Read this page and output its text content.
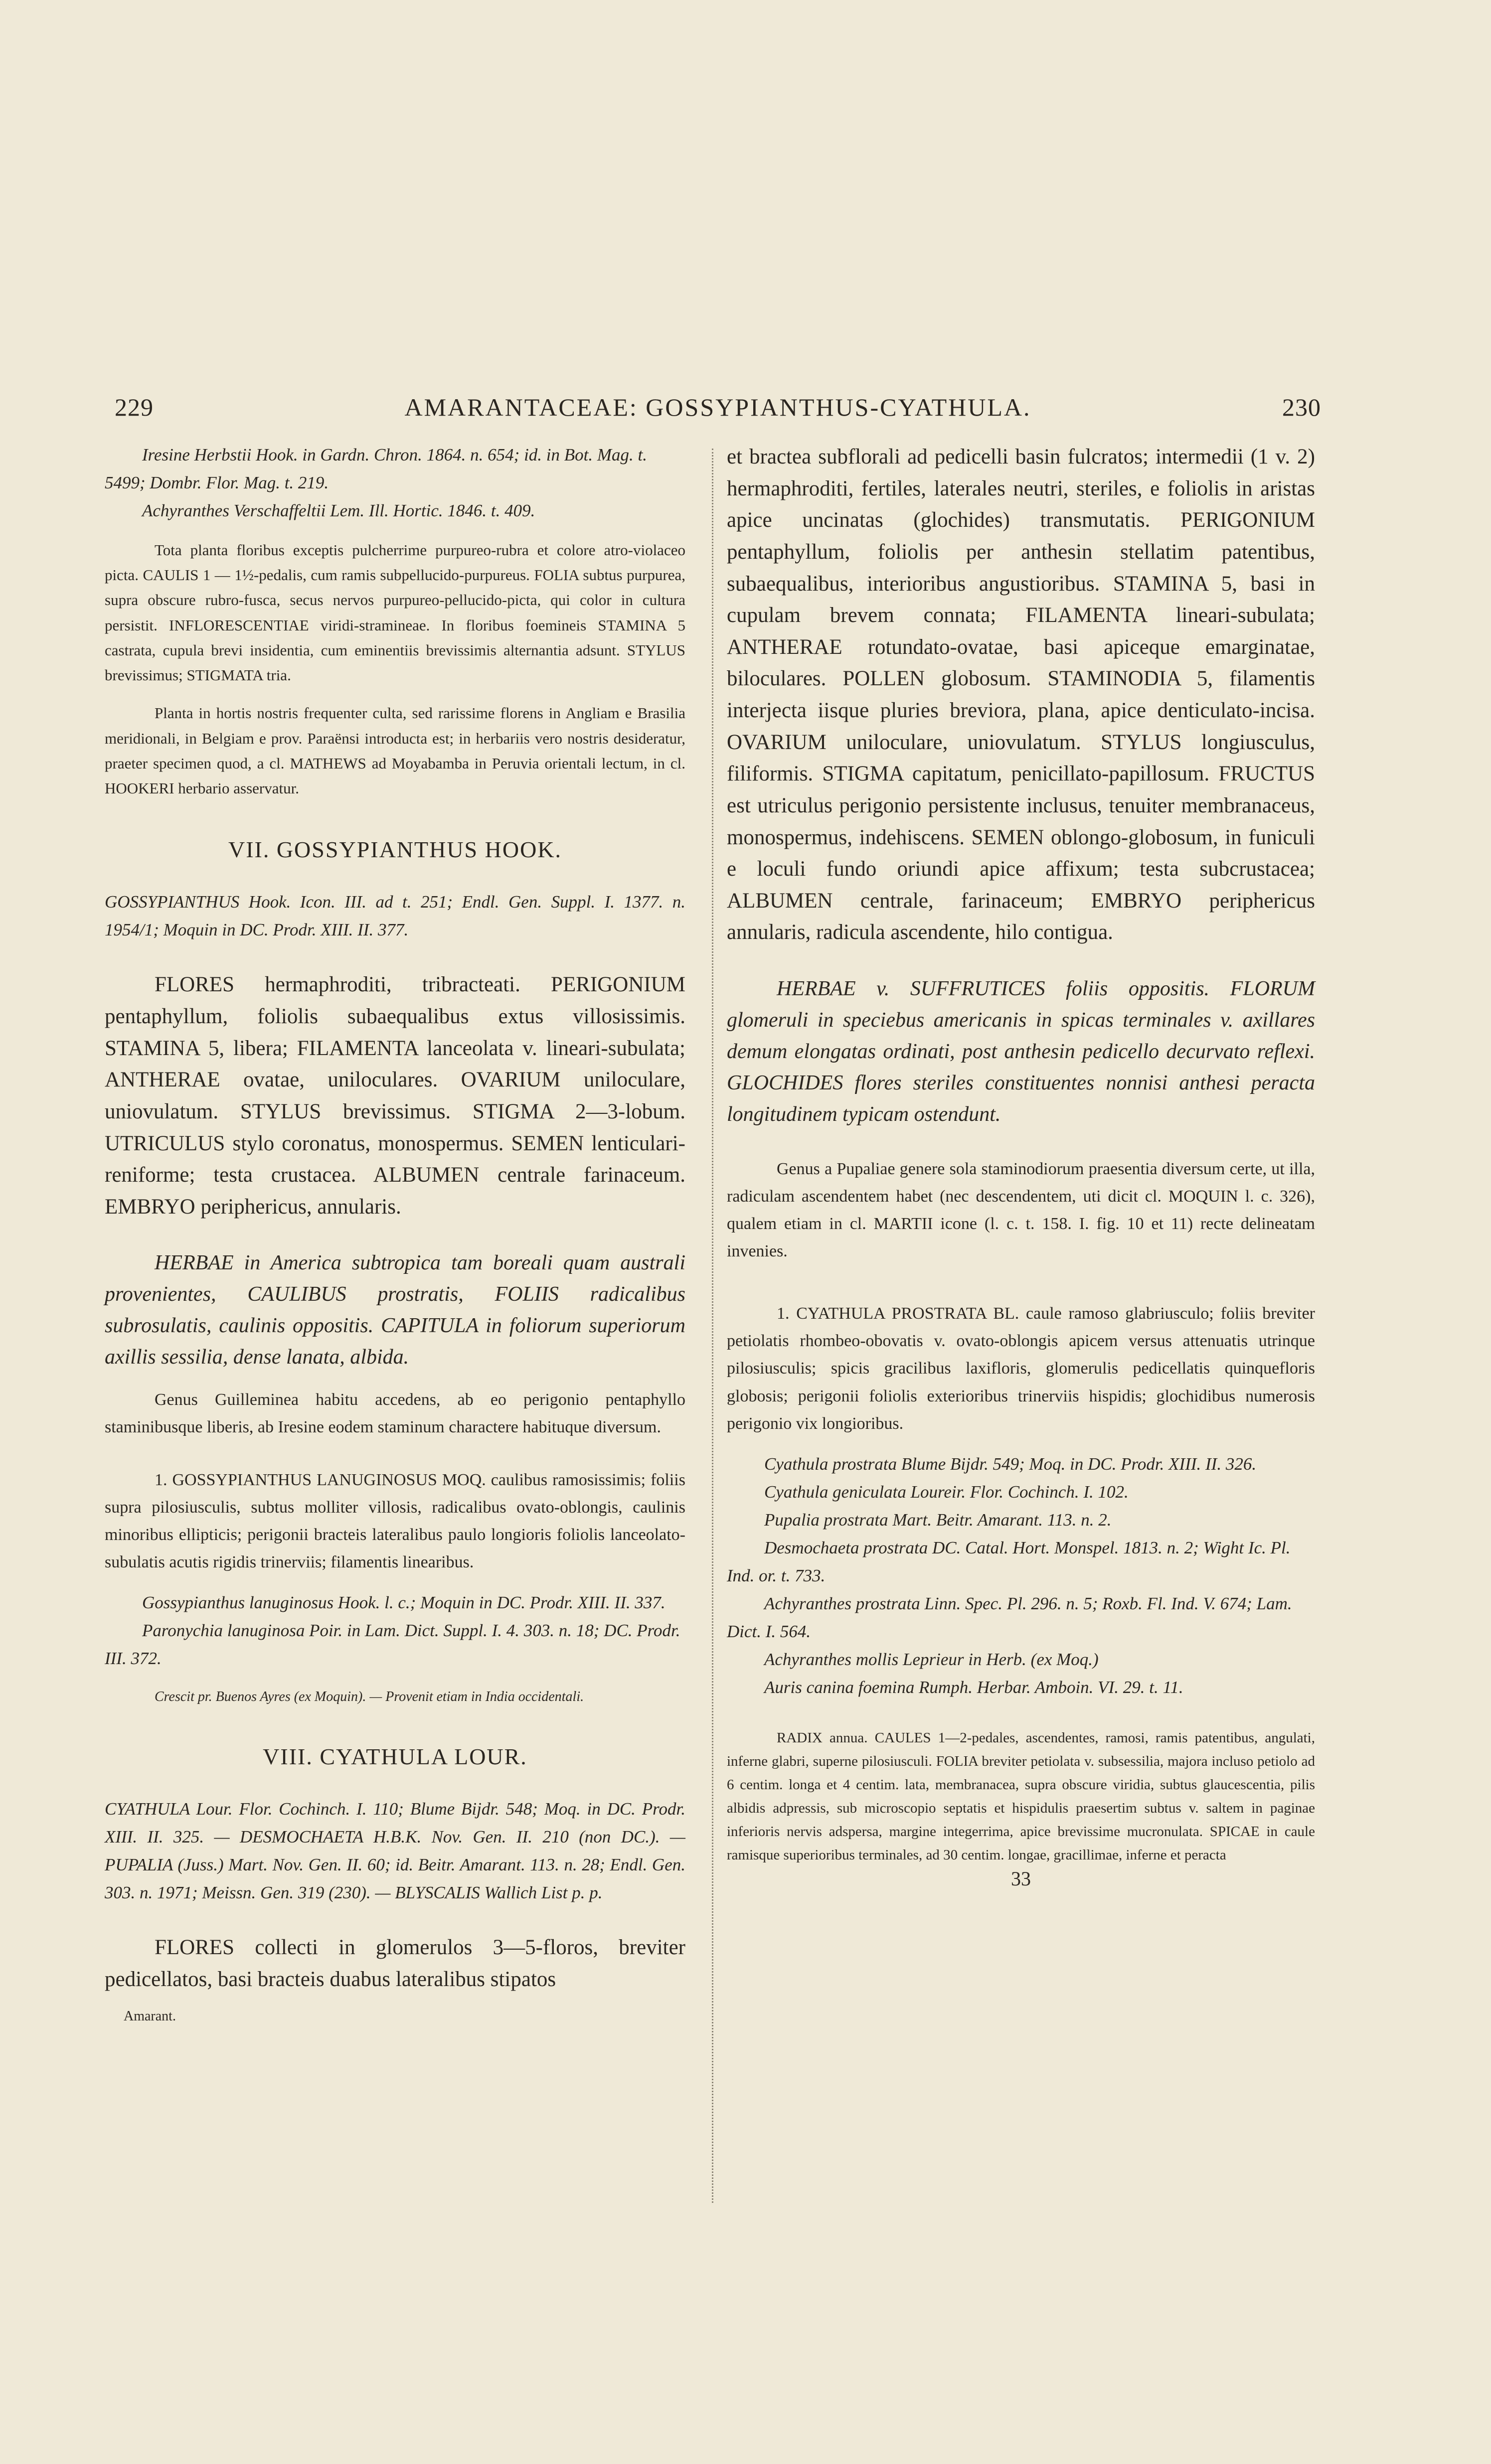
229	AMARANTACEAE: GOSSYPIANTHUS-CYATHULA.	230

Iresine Herbstii Hook. in Gardn. Chron. 1864. n. 654; id. in Bot. Mag. t. 5499; Dombr. Flor. Mag. t. 219.

Achyranthes Verschaffeltii Lem. Ill. Hortic. 1846. t. 409.

Tota planta floribus exceptis pulcherrime purpureo-rubra et colore atro-violaceo picta. CAULIS 1 — 1½-pedalis, cum ramis subpellucido-purpureus. FOLIA subtus purpurea, supra obscure rubro-fusca, secus nervos purpureo-pellucido-picta, qui color in cultura persistit. INFLORESCENTIAE viridi-stramineae. In floribus foemineis STAMINA 5 castrata, cupula brevi insidentia, cum eminentiis brevissimis alternantia adsunt. STYLUS brevissimus; STIGMATA tria.

Planta in hortis nostris frequenter culta, sed rarissime florens in Angliam e Brasilia meridionali, in Belgiam e prov. Paraënsi introducta est; in herbariis vero nostris desideratur, praeter specimen quod, a cl. MATHEWS ad Moyabamba in Peruvia orientali lectum, in cl. HOOKERI herbario asservatur.

VII. GOSSYPIANTHUS HOOK.

GOSSYPIANTHUS Hook. Icon. III. ad t. 251; Endl. Gen. Suppl. I. 1377. n. 1954/1; Moquin in DC. Prodr. XIII. II. 377.

FLORES hermaphroditi, tribracteati. PERIGONIUM pentaphyllum, foliolis subaequalibus extus villosissimis. STAMINA 5, libera; FILAMENTA lanceolata v. lineari-subulata; ANTHERAE ovatae, uniloculares. OVARIUM uniloculare, uniovulatum. STYLUS brevissimus. STIGMA 2—3-lobum. UTRICULUS stylo coronatus, monospermus. SEMEN lenticulari-reniforme; testa crustacea. ALBUMEN centrale farinaceum. EMBRYO periphericus, annularis.

HERBAE in America subtropica tam boreali quam australi provenientes, CAULIBUS prostratis, FOLIIS radicalibus subrosulatis, caulinis oppositis. CAPITULA in foliorum superiorum axillis sessilia, dense lanata, albida.

Genus Guilleminea habitu accedens, ab eo perigonio pentaphyllo staminibusque liberis, ab Iresine eodem staminum charactere habituque diversum.

1. GOSSYPIANTHUS LANUGINOSUS MOQ. caulibus ramosissimis; foliis supra pilosiusculis, subtus molliter villosis, radicalibus ovato-oblongis, caulinis minoribus ellipticis; perigonii bracteis lateralibus paulo longioris foliolis lanceolato-subulatis acutis rigidis trinerviis; filamentis linearibus.

Gossypianthus lanuginosus Hook. l. c.; Moquin in DC. Prodr. XIII. II. 337.

Paronychia lanuginosa Poir. in Lam. Dict. Suppl. I. 4. 303. n. 18; DC. Prodr. III. 372.

Crescit pr. Buenos Ayres (ex Moquin). — Provenit etiam in India occidentali.

VIII. CYATHULA LOUR.

CYATHULA Lour. Flor. Cochinch. I. 110; Blume Bijdr. 548; Moq. in DC. Prodr. XIII. II. 325. — DESMOCHAETA H.B.K. Nov. Gen. II. 210 (non DC.). — PUPALIA (Juss.) Mart. Nov. Gen. II. 60; id. Beitr. Amarant. 113. n. 28; Endl. Gen. 303. n. 1971; Meissn. Gen. 319 (230). — BLYSCALIS Wallich List p. p.

FLORES collecti in glomerulos 3—5-floros, breviter pedicellatos, basi bracteis duabus lateralibus stipatos

Amarant.

et bractea subflorali ad pedicelli basin fulcratos; intermedii (1 v. 2) hermaphroditi, fertiles, laterales neutri, steriles, e foliolis in aristas apice uncinatas (glochides) transmutatis. PERIGONIUM pentaphyllum, foliolis per anthesin stellatim patentibus, subaequalibus, interioribus angustioribus. STAMINA 5, basi in cupulam brevem connata; FILAMENTA lineari-subulata; ANTHERAE rotundato-ovatae, basi apiceque emarginatae, biloculares. POLLEN globosum. STAMINODIA 5, filamentis interjecta iisque pluries breviora, plana, apice denticulato-incisa. OVARIUM uniloculare, uniovulatum. STYLUS longiusculus, filiformis. STIGMA capitatum, penicillato-papillosum. FRUCTUS est utriculus perigonio persistente inclusus, tenuiter membranaceus, monospermus, indehiscens. SEMEN oblongo-globosum, in funiculi e loculi fundo oriundi apice affixum; testa subcrustacea; ALBUMEN centrale, farinaceum; EMBRYO periphericus annularis, radicula ascendente, hilo contigua.

HERBAE v. SUFFRUTICES foliis oppositis. FLORUM glomeruli in speciebus americanis in spicas terminales v. axillares demum elongatas ordinati, post anthesin pedicello decurvato reflexi. GLOCHIDES flores steriles constituentes nonnisi anthesi peracta longitudinem typicam ostendunt.

Genus a Pupaliae genere sola staminodiorum praesentia diversum certe, ut illa, radiculam ascendentem habet (nec descendentem, uti dicit cl. MOQUIN l. c. 326), qualem etiam in cl. MARTII icone (l. c. t. 158. I. fig. 10 et 11) recte delineatam invenies.

1. CYATHULA PROSTRATA BL. caule ramoso glabriusculo; foliis breviter petiolatis rhombeo-obovatis v. ovato-oblongis apicem versus attenuatis utrinque pilosiusculis; spicis gracilibus laxifloris, glomerulis pedicellatis quinquefloris globosis; perigonii foliolis exterioribus trinerviis hispidis; glochidibus numerosis perigonio vix longioribus.

Cyathula prostrata Blume Bijdr. 549; Moq. in DC. Prodr. XIII. II. 326.

Cyathula geniculata Loureir. Flor. Cochinch. I. 102.

Pupalia prostrata Mart. Beitr. Amarant. 113. n. 2.

Desmochaeta prostrata DC. Catal. Hort. Monspel. 1813. n. 2; Wight Ic. Pl. Ind. or. t. 733.

Achyranthes prostrata Linn. Spec. Pl. 296. n. 5; Roxb. Fl. Ind. V. 674; Lam. Dict. I. 564.

Achyranthes mollis Leprieur in Herb. (ex Moq.)

Auris canina foemina Rumph. Herbar. Amboin. VI. 29. t. 11.

RADIX annua. CAULES 1—2-pedales, ascendentes, ramosi, ramis patentibus, angulati, inferne glabri, superne pilosiusculi. FOLIA breviter petiolata v. subsessilia, majora incluso petiolo ad 6 centim. longa et 4 centim. lata, membranacea, supra obscure viridia, subtus glaucescentia, pilis albidis adpressis, sub microscopio septatis et hispidulis praesertim subtus v. saltem in paginae inferioris nervis adspersa, margine integerrima, apice brevissime mucronulata. SPICAE in caule ramisque superioribus terminales, ad 30 centim. longae, gracillimae, inferne et peracta

33
